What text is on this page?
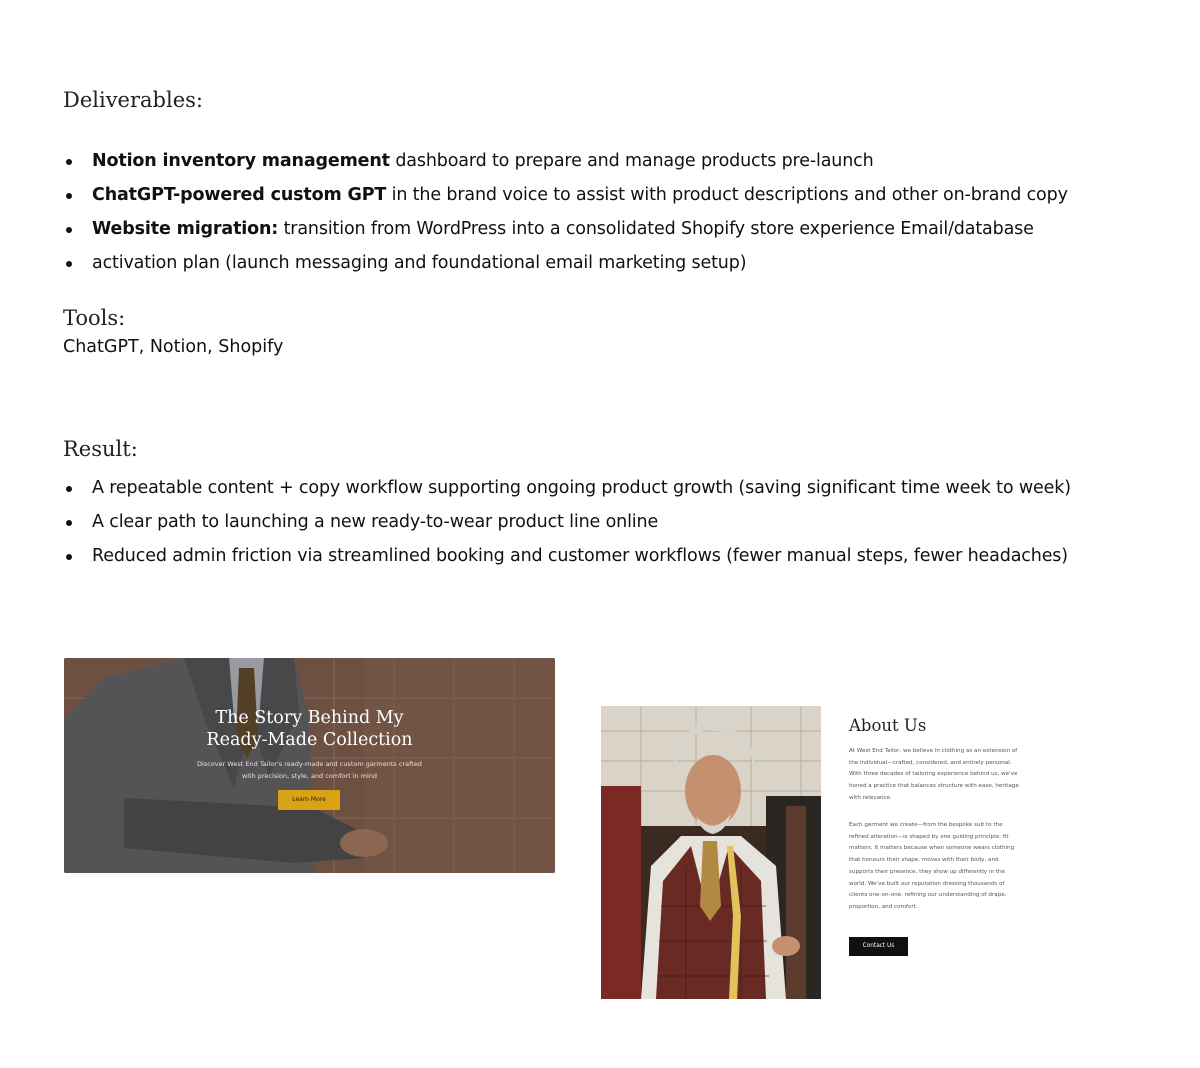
Deliverables:
Notion inventory management dashboard to prepare and manage products pre-launch
ChatGPT-powered custom GPT in the brand voice to assist with product descriptions and other on-brand copy
Website migration: transition from WordPress into a consolidated Shopify store experience Email/database
activation plan (launch messaging and foundational email marketing setup)
Tools:
ChatGPT, Notion, Shopify
Result:
A repeatable content + copy workflow supporting ongoing product growth (saving significant time week to week)
A clear path to launching a new ready-to-wear product line online
Reduced admin friction via streamlined booking and customer workflows (fewer manual steps, fewer headaches)
The Story Behind My
Ready-Made Collection
Discover West End Tailor's ready-made and custom garments crafted with precision, style, and comfort in mind
Learn More
About Us

At West End Tailor, we believe in clothing as an extension of the individual—crafted, considered, and entirely personal. With three decades of tailoring experience behind us, we've honed a practice that balances structure with ease, heritage with relevance.

Each garment we create—from the bespoke suit to the refined alteration—is shaped by one guiding principle: fit matters. It matters because when someone wears clothing that honours their shape, moves with their body, and supports their presence, they show up differently in the world. We've built our reputation dressing thousands of clients one-on-one, refining our understanding of drape, proportion, and comfort.

Contact Us
